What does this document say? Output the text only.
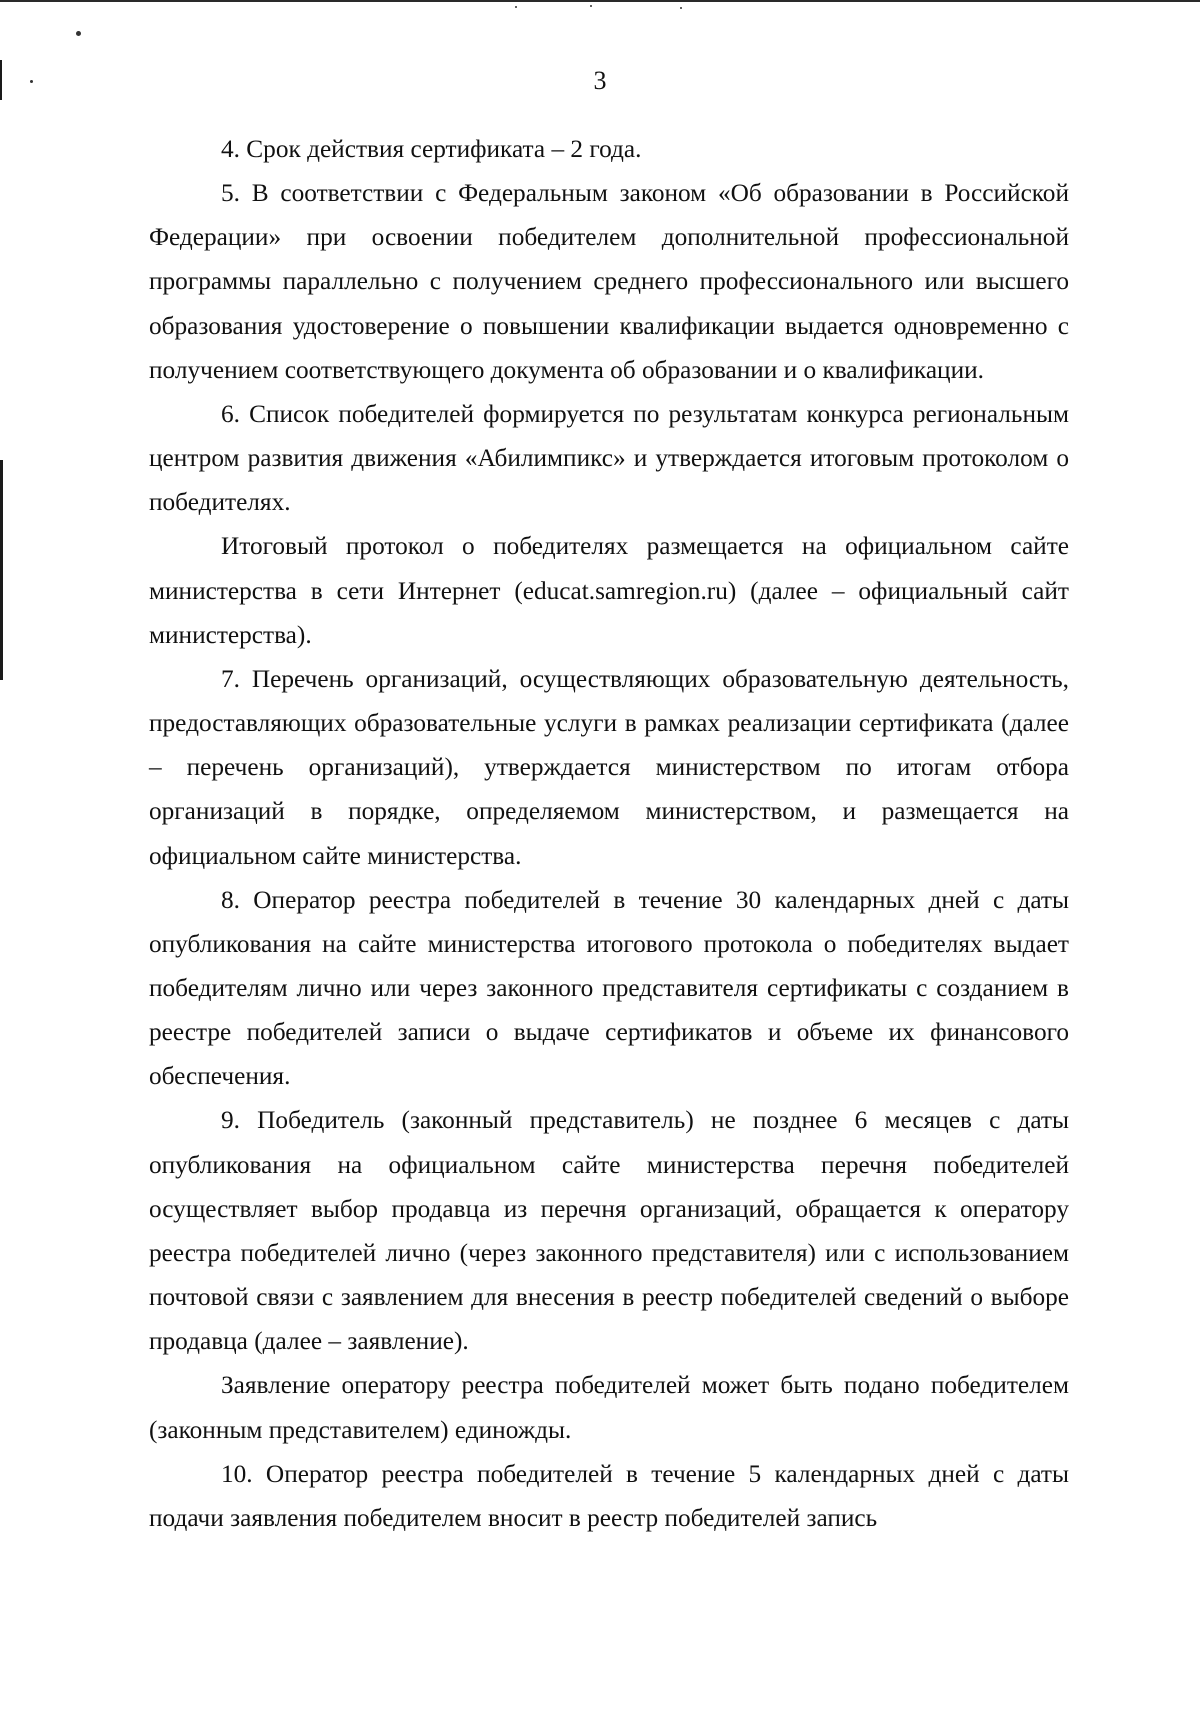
3

4. Срок действия сертификата – 2 года.

5. В соответствии с Федеральным законом «Об образовании в Российской Федерации» при освоении победителем дополнительной профессиональной программы параллельно с получением среднего профессионального или высшего образования удостоверение о повышении квалификации выдается одновременно с получением соответствующего документа об образовании и о квалификации.

6. Список победителей формируется по результатам конкурса региональным центром развития движения «Абилимпикс» и утверждается итоговым протоколом о победителях.

Итоговый протокол о победителях размещается на официальном сайте министерства в сети Интернет (educat.samregion.ru) (далее – официальный сайт министерства).

7. Перечень организаций, осуществляющих образовательную деятельность, предоставляющих образовательные услуги в рамках реализации сертификата (далее – перечень организаций), утверждается министерством по итогам отбора организаций в порядке, определяемом министерством, и размещается на официальном сайте министерства.

8. Оператор реестра победителей в течение 30 календарных дней с даты опубликования на сайте министерства итогового протокола о победителях выдает победителям лично или через законного представителя сертификаты с созданием в реестре победителей записи о выдаче сертификатов и объеме их финансового обеспечения.

9. Победитель (законный представитель) не позднее 6 месяцев с даты опубликования на официальном сайте министерства перечня победителей осуществляет выбор продавца из перечня организаций, обращается к оператору реестра победителей лично (через законного представителя) или с использованием почтовой связи с заявлением для внесения в реестр победителей сведений о выборе продавца (далее – заявление).

Заявление оператору реестра победителей может быть подано победителем (законным представителем) единожды.

10. Оператор реестра победителей в течение 5 календарных дней с даты подачи заявления победителем вносит в реестр победителей запись
